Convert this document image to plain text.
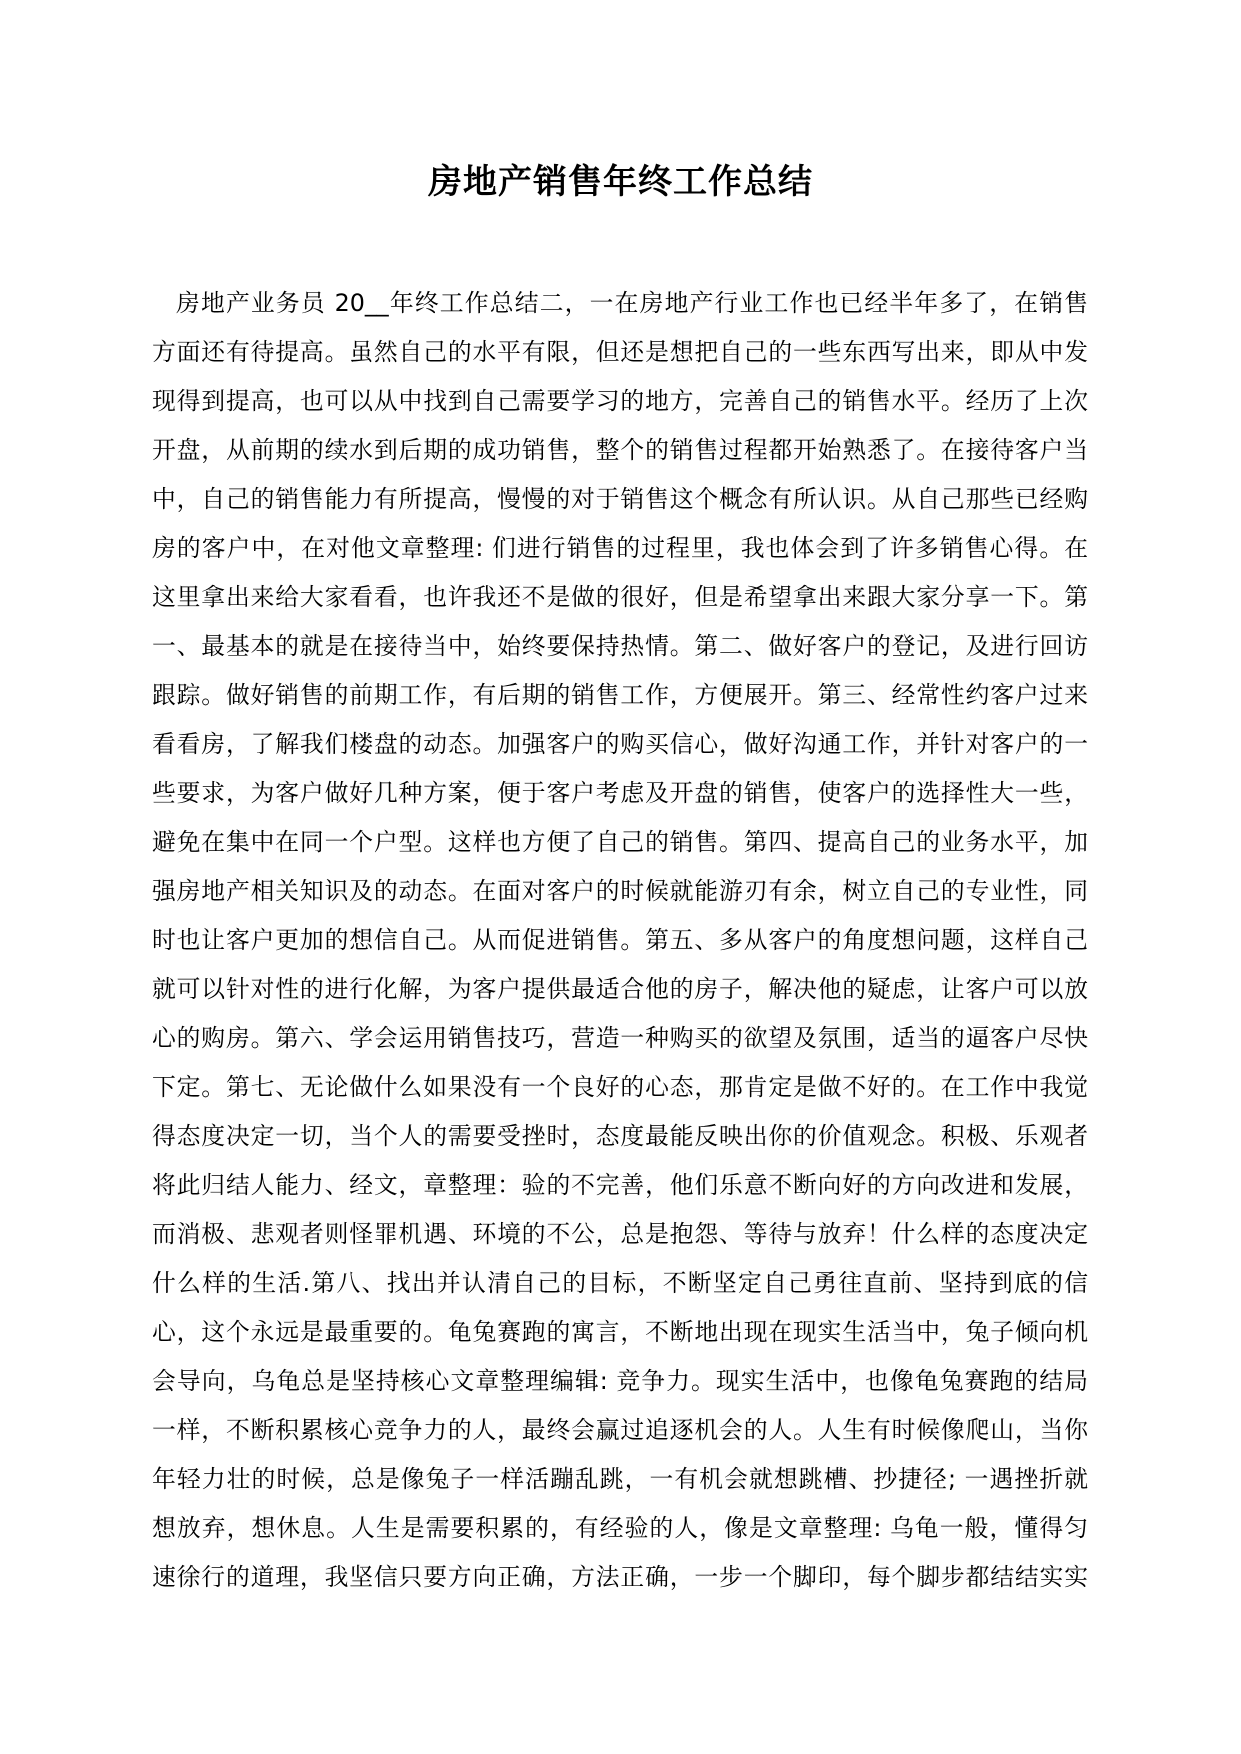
房地产销售年终工作总结
房地产业务员 20__年终工作总结二，一在房地产行业工作也已经半年多了，在销售
方面还有待提高。虽然自己的水平有限，但还是想把自己的一些东西写出来，即从中发
现得到提高，也可以从中找到自己需要学习的地方，完善自己的销售水平。经历了上次
开盘，从前期的续水到后期的成功销售，整个的销售过程都开始熟悉了。在接待客户当
中，自己的销售能力有所提高，慢慢的对于销售这个概念有所认识。从自己那些已经购
房的客户中，在对他文章整理: 们进行销售的过程里，我也体会到了许多销售心得。在
这里拿出来给大家看看，也许我还不是做的很好，但是希望拿出来跟大家分享一下。第
一、最基本的就是在接待当中，始终要保持热情。第二、做好客户的登记，及进行回访
跟踪。做好销售的前期工作，有后期的销售工作，方便展开。第三、经常性约客户过来
看看房，了解我们楼盘的动态。加强客户的购买信心，做好沟通工作，并针对客户的一
些要求，为客户做好几种方案，便于客户考虑及开盘的销售，使客户的选择性大一些，
避免在集中在同一个户型。这样也方便了自己的销售。第四、提高自己的业务水平，加
强房地产相关知识及的动态。在面对客户的时候就能游刃有余，树立自己的专业性，同
时也让客户更加的想信自己。从而促进销售。第五、多从客户的角度想问题，这样自己
就可以针对性的进行化解，为客户提供最适合他的房子，解决他的疑虑，让客户可以放
心的购房。第六、学会运用销售技巧，营造一种购买的欲望及氛围，适当的逼客户尽快
下定。第七、无论做什么如果没有一个良好的心态，那肯定是做不好的。在工作中我觉
得态度决定一切，当个人的需要受挫时，态度最能反映出你的价值观念。积极、乐观者
将此归结人能力、经文，章整理：验的不完善，他们乐意不断向好的方向改进和发展，
而消极、悲观者则怪罪机遇、环境的不公，总是抱怨、等待与放弃！什么样的态度决定
什么样的生活.第八、找出并认清自己的目标，不断坚定自己勇往直前、坚持到底的信
心，这个永远是最重要的。龟兔赛跑的寓言，不断地出现在现实生活当中，兔子倾向机
会导向，乌龟总是坚持核心文章整理编辑: 竞争力。现实生活中，也像龟兔赛跑的结局
一样，不断积累核心竞争力的人，最终会赢过追逐机会的人。人生有时候像爬山，当你
年轻力壮的时候，总是像兔子一样活蹦乱跳，一有机会就想跳槽、抄捷径; 一遇挫折就
想放弃，想休息。人生是需要积累的，有经验的人，像是文章整理: 乌龟一般，懂得匀
速徐行的道理，我坚信只要方向正确，方法正确，一步一个脚印，每个脚步都结结实实
